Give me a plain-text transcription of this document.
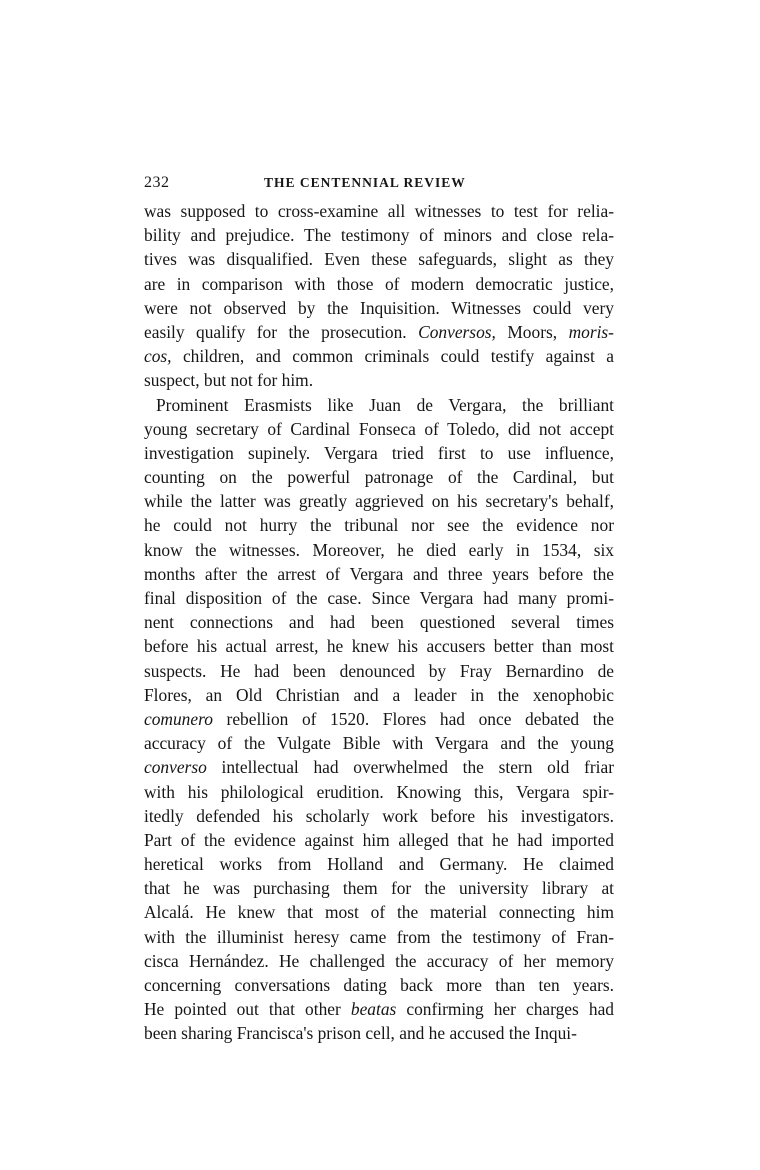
232	THE CENTENNIAL REVIEW
was supposed to cross-examine all witnesses to test for relia-
bility and prejudice. The testimony of minors and close rela-
tives was disqualified. Even these safeguards, slight as they
are in comparison with those of modern democratic justice,
were not observed by the Inquisition. Witnesses could very
easily qualify for the prosecution. Conversos, Moors, moris-
cos, children, and common criminals could testify against a
suspect, but not for him.
Prominent Erasmists like Juan de Vergara, the brilliant
young secretary of Cardinal Fonseca of Toledo, did not accept
investigation supinely. Vergara tried first to use influence,
counting on the powerful patronage of the Cardinal, but
while the latter was greatly aggrieved on his secretary's behalf,
he could not hurry the tribunal nor see the evidence nor
know the witnesses. Moreover, he died early in 1534, six
months after the arrest of Vergara and three years before the
final disposition of the case. Since Vergara had many promi-
nent connections and had been questioned several times
before his actual arrest, he knew his accusers better than most
suspects. He had been denounced by Fray Bernardino de
Flores, an Old Christian and a leader in the xenophobic
comunero rebellion of 1520. Flores had once debated the
accuracy of the Vulgate Bible with Vergara and the young
converso intellectual had overwhelmed the stern old friar
with his philological erudition. Knowing this, Vergara spir-
itedly defended his scholarly work before his investigators.
Part of the evidence against him alleged that he had imported
heretical works from Holland and Germany. He claimed
that he was purchasing them for the university library at
Alcalá. He knew that most of the material connecting him
with the illuminist heresy came from the testimony of Fran-
cisca Hernández. He challenged the accuracy of her memory
concerning conversations dating back more than ten years.
He pointed out that other beatas confirming her charges had
been sharing Francisca's prison cell, and he accused the Inqui-
